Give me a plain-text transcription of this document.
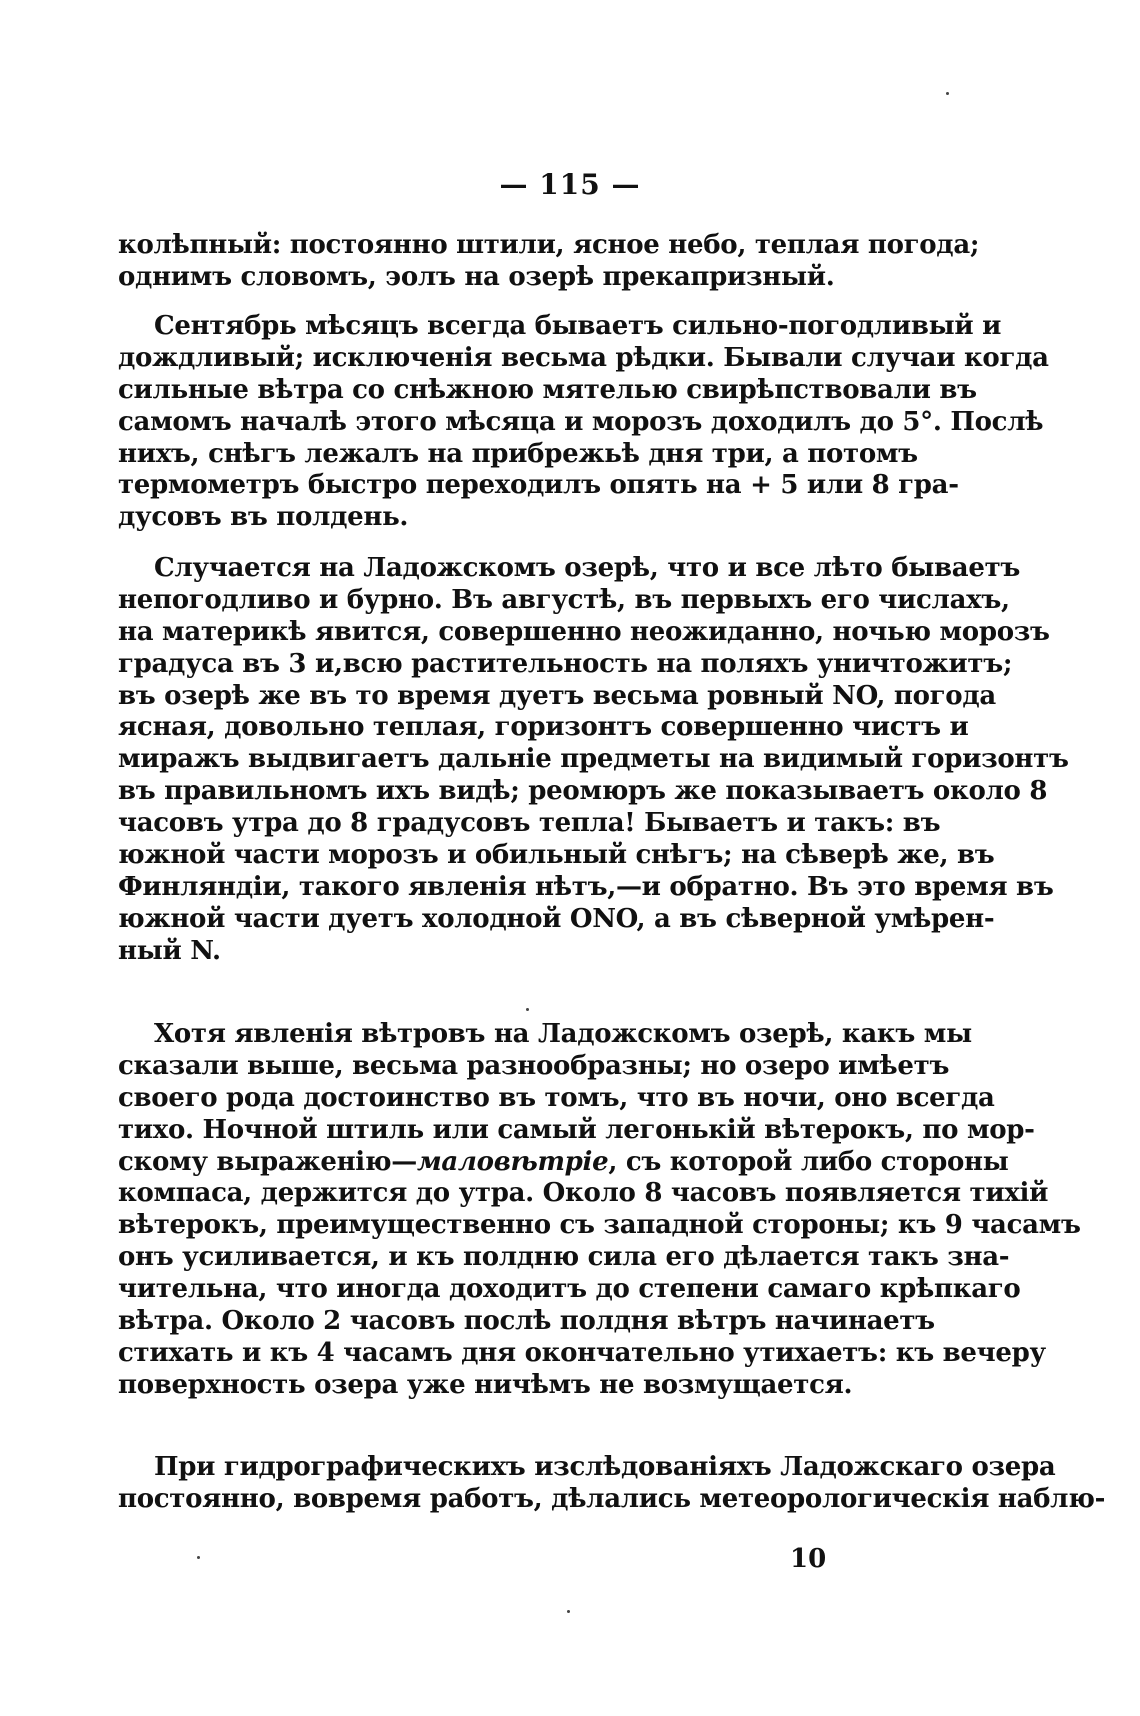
— 115 —
колѣпный: постоянно штили, ясное небо, теплая погода;
однимъ словомъ, эолъ на озерѣ прекапризный.
Сентябрь мѣсяцъ всегда бываетъ сильно-погодливый и
дождливый; исключенія весьма рѣдки. Бывали случаи когда
сильные вѣтра со снѣжною мятелью свирѣпствовали въ
самомъ началѣ этого мѣсяца и морозъ доходилъ до 5°. Послѣ
нихъ, снѣгъ лежалъ на прибрежьѣ дня три, а потомъ
термометръ быстро переходилъ опять на + 5 или 8 гра-
дусовъ въ полдень.
Случается на Ладожскомъ озерѣ, что и все лѣто бываетъ
непогодливо и бурно. Въ августѣ, въ первыхъ его числахъ,
на материкѣ явится, совершенно неожиданно, ночью морозъ
градуса въ 3 и,всю растительность на поляхъ уничтожитъ;
въ озерѣ же въ то время дуетъ весьма ровный NO, погода
ясная, довольно теплая, горизонтъ совершенно чистъ и
миражъ выдвигаетъ дальніе предметы на видимый горизонтъ
въ правильномъ ихъ видѣ; реомюръ же показываетъ около 8
часовъ утра до 8 градусовъ тепла! Бываетъ и такъ: въ
южной части морозъ и обильный снѣгъ; на сѣверѣ же, въ
Финляндіи, такого явленія нѣтъ,—и обратно. Въ это время въ
южной части дуетъ холодной ONO, а въ сѣверной умѣрен-
ный N.
Хотя явленія вѣтровъ на Ладожскомъ озерѣ, какъ мы
сказали выше, весьма разнообразны; но озеро имѣетъ
своего рода достоинство въ томъ, что въ ночи, оно всегда
тихо. Ночной штиль или самый легонькій вѣтерокъ, по мор-
скому выраженію—маловѣтріе, съ которой либо стороны
компаса, держится до утра. Около 8 часовъ появляется тихій
вѣтерокъ, преимущественно съ западной стороны; къ 9 часамъ
онъ усиливается, и къ полдню сила его дѣлается такъ зна-
чительна, что иногда доходитъ до степени самаго крѣпкаго
вѣтра. Около 2 часовъ послѣ полдня вѣтръ начинаетъ
стихать и къ 4 часамъ дня окончательно утихаетъ: къ вечеру
поверхность озера уже ничѣмъ не возмущается.
При гидрографическихъ изслѣдованіяхъ Ладожскаго озера
постоянно, вовремя работъ, дѣлались метеорологическія наблю-
10
